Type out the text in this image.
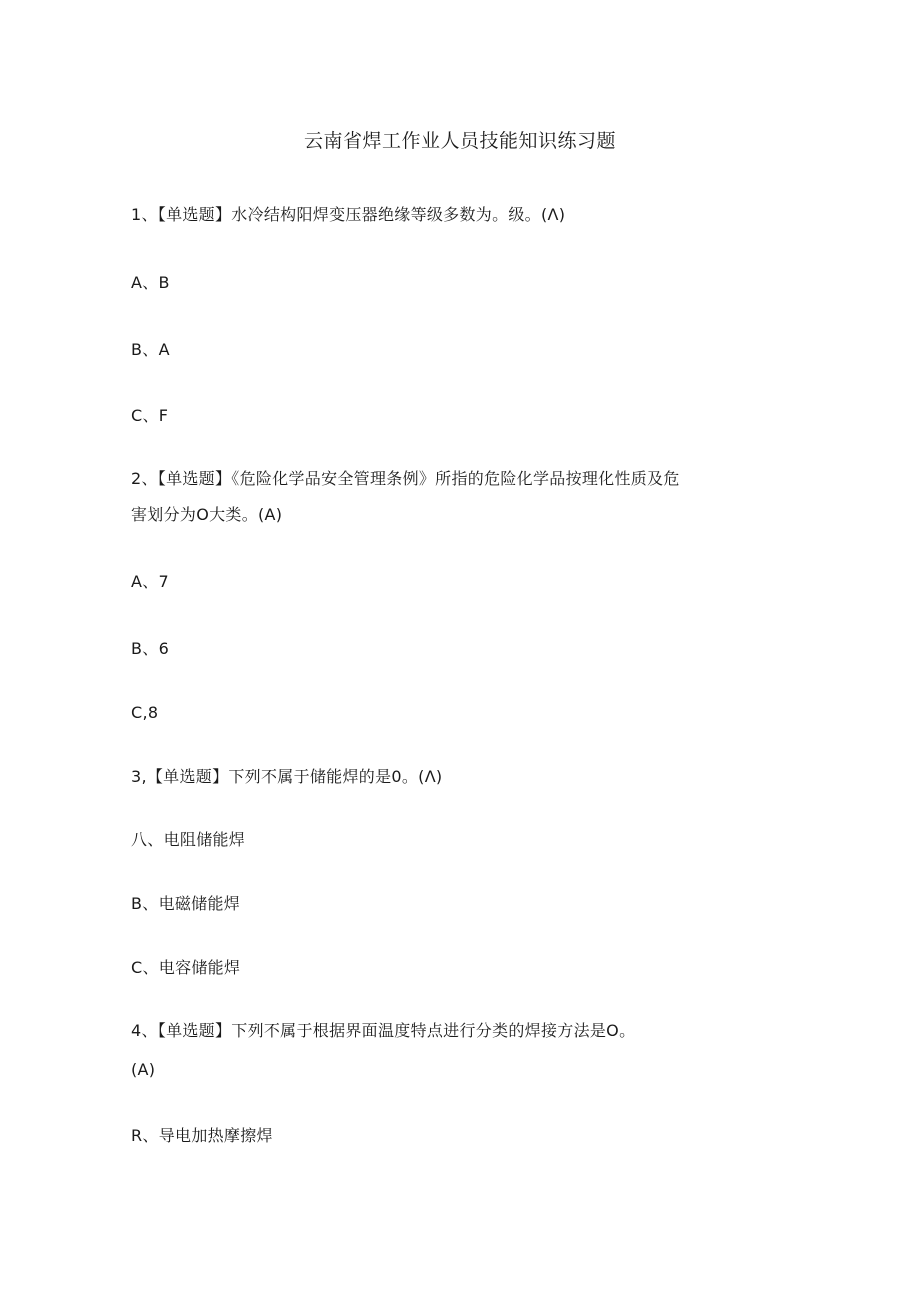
云南省焊工作业人员技能知识练习题
1、【单选题】水冷结构阳焊变压器绝缘等级多数为。级。(Λ)
A、B
B、A
C、F
2、【单选题】《危险化学品安全管理条例》所指的危险化学品按理化性质及危
害划分为O大类。(A)
A、7
B、6
C,8
3,【单选题】下列不属于储能焊的是0。(Λ)
八、电阻储能焊
B、电磁储能焊
C、电容储能焊
4、【单选题】下列不属于根据界面温度特点进行分类的焊接方法是O。
(A)
R、导电加热摩擦焊
